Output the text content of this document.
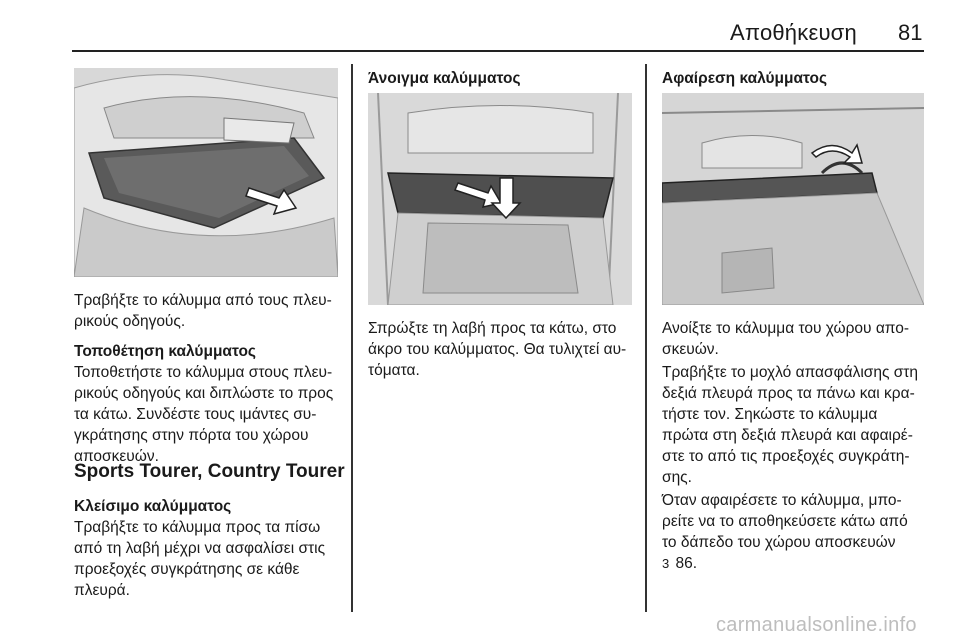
Αποθήκευση 81

Τραβήξτε το κάλυμμα από τους πλευ-
ρικούς οδηγούς.

Τοποθέτηση καλύμματος

Τοποθετήστε το κάλυμμα στους πλευ-
ρικούς οδηγούς και διπλώστε το προς
τα κάτω. Συνδέστε τους ιμάντες συ-
γκράτησης στην πόρτα του χώρου
αποσκευών.

Sports Tourer, Country Tourer

Κλείσιμο καλύμματος

Τραβήξτε το κάλυμμα προς τα πίσω
από τη λαβή μέχρι να ασφαλίσει στις
προεξοχές συγκράτησης σε κάθε
πλευρά.

Άνοιγμα καλύμματος

Σπρώξτε τη λαβή προς τα κάτω, στο
άκρο του καλύμματος. Θα τυλιχτεί αυ-
τόματα.

Αφαίρεση καλύμματος

Ανοίξτε το κάλυμμα του χώρου απο-
σκευών.

Τραβήξτε το μοχλό απασφάλισης στη
δεξιά πλευρά προς τα πάνω και κρα-
τήστε τον. Σηκώστε το κάλυμμα
πρώτα στη δεξιά πλευρά και αφαιρέ-
στε το από τις προεξοχές συγκράτη-
σης.

Όταν αφαιρέσετε το κάλυμμα, μπο-
ρείτε να το αποθηκεύσετε κάτω από
το δάπεδο του χώρου αποσκευών

3 86.

carmanualsonline.info
